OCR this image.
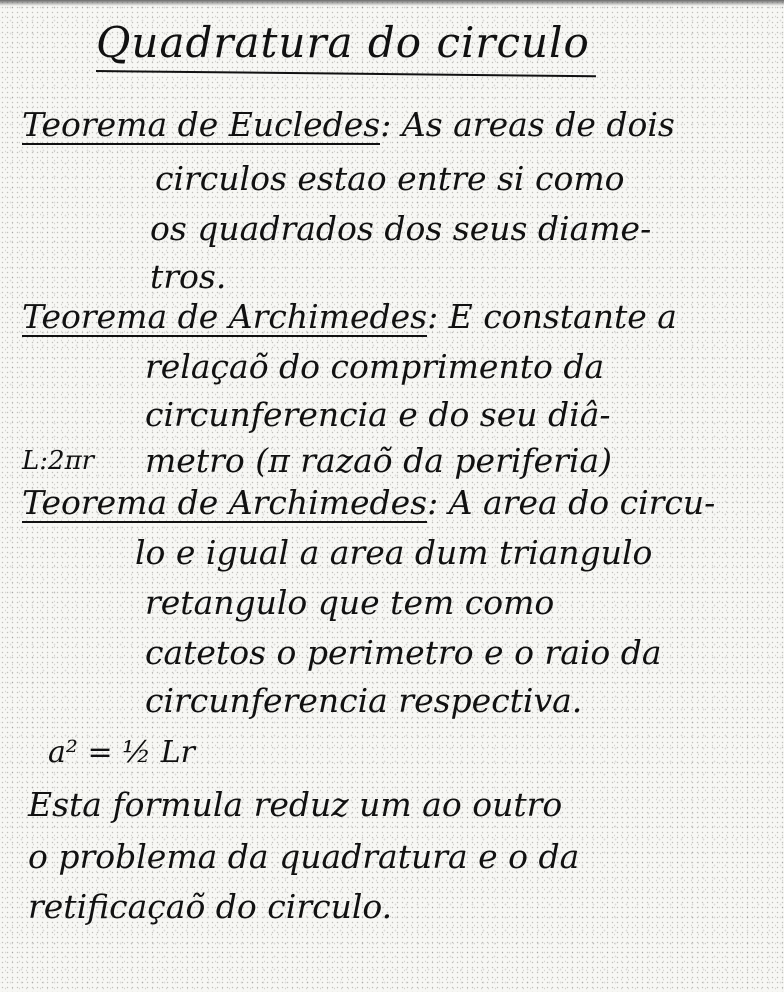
Quadratura do circulo
Teorema de Eucledes: As areas de dois
circulos estao entre si como
os quadrados dos seus diame-
tros.
Teorema de Archimedes: E constante a
relaçaõ do comprimento da
circunferencia e do seu diâ-
L:2πr metro (π razaõ da periferia)
Teorema de Archimedes: A area do circu-
lo e igual a area dum triangulo
retangulo que tem como
catetos o perimetro e o raio da
circunferencia respectiva.
a² = ½ Lr
Esta formula reduz um ao outro
o problema da quadratura e o da
retificaçaõ do circulo.
